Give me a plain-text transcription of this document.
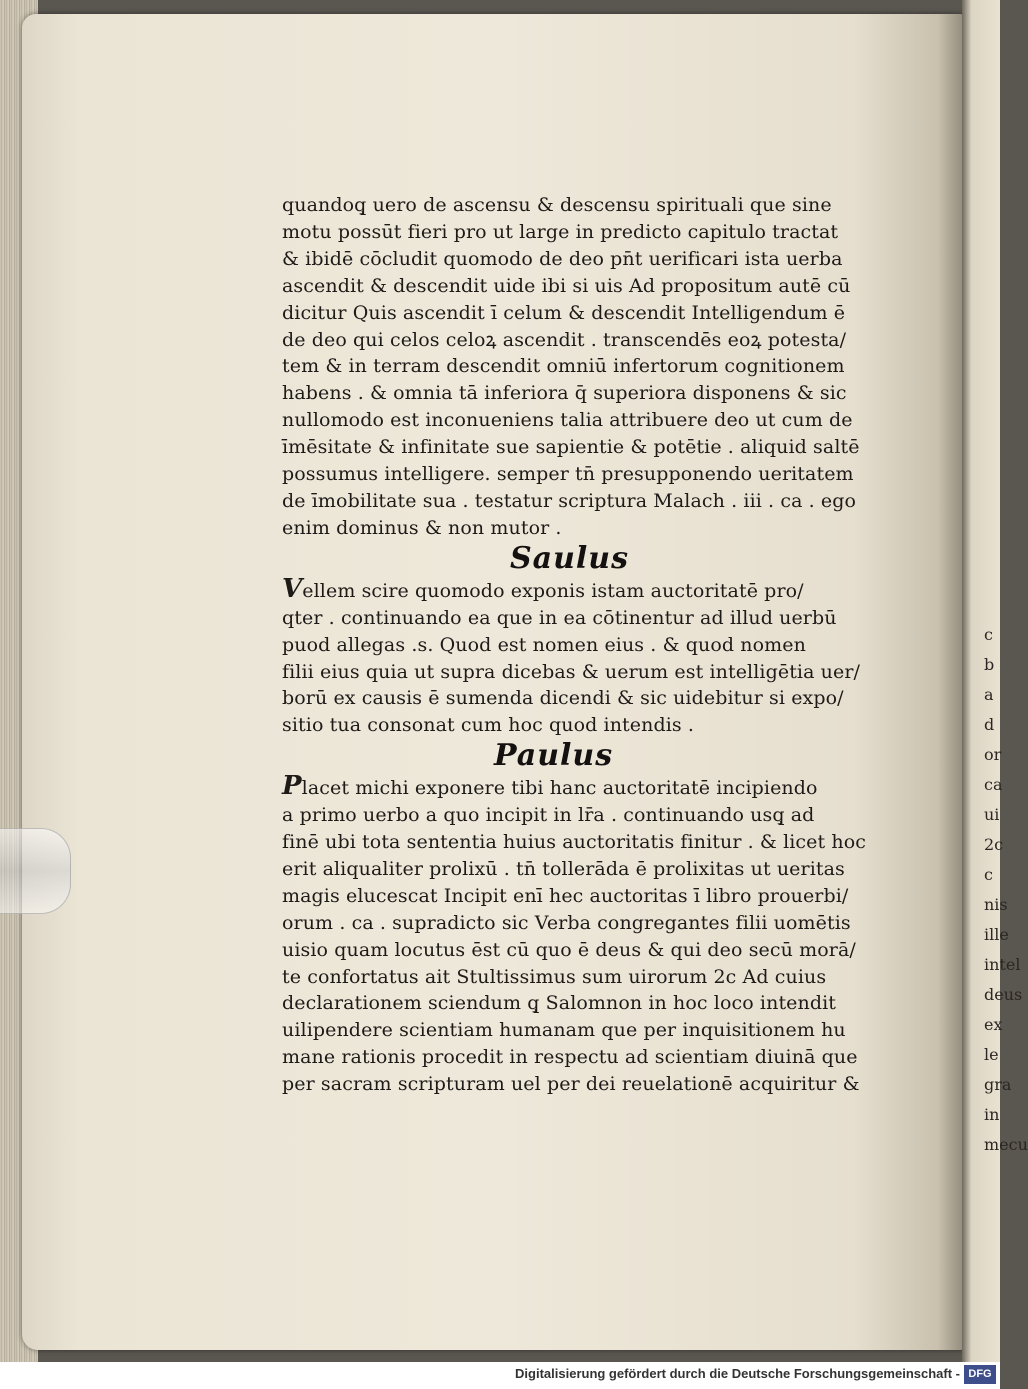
c
b
a
d
or
ca
ui
2c
c
nis
ille
intel
deus
ex
le
gra
in
mecu
quandoq̧ uero de ascensu & descensu spirituali que sine
motu possūt fieri pro ut large in predicto capitulo tractat
& ibidē cōcludit quomodo de deo pn̄t uerificari ista uerba
ascendit & descendit uide ibi si uis Ad propositum autē cū
dicitur Quis ascendit ī celum & descendit Intelligendum ē
de deo qui celos celoꝝ ascendit . transcendēs eoꝝ potesta/
tem & in terram descendit omniū infertorum cognitionem
habens . & omnia tā inferiora q̄ superiora disponens & sic
nullomodo est inconueniens talia attribuere deo ut cum de
īmēsitate & infinitate sue sapientie & potētie . aliquid saltē
possumus intelligere. semper tn̄ presupponendo ueritatem
de īmobilitate sua . testatur scriptura Malach . iii . ca . ego
enim dominus & non mutor .
Saulus
Vellem scire quomodo exponis istam auctoritatē pro/
qter . continuando ea que in ea cōtinentur ad illud uerbū
puod allegas .s. Quod est nomen eius . & quod nomen
filii eius quia ut supra dicebas & uerum est intelligētia uer/
borū ex causis ē sumenda dicendi & sic uidebitur si expo/
sitio tua consonat cum hoc quod intendis .
Paulus
Placet michi exponere tibi hanc auctoritatē incipiendo
a primo uerbo a quo incipit in lr̄a . continuando usq̧ ad
finē ubi tota sententia huius auctoritatis finitur . & licet hoc
erit aliqualiter prolixū . tn̄ tollerāda ē prolixitas ut ueritas
magis elucescat Incipit enī hec auctoritas ī libro prouerbi/
orum . ca . supradicto sic Verba congregantes filii uomētis
uisio quam locutus ēst cū quo ē deus & qui deo secū morā/
te confortatus ait Stultissimus sum uirorum 2c Ad cuius
declarationem sciendum q̧ Salomnon in hoc loco intendit
uilipendere scientiam humanam que per inquisitionem hu
mane rationis procedit in respectu ad scientiam diuinā que
per sacram scripturam uel per dei reuelationē acquiritur &
Digitalisierung gefördert durch die Deutsche Forschungsgemeinschaft - DFG
